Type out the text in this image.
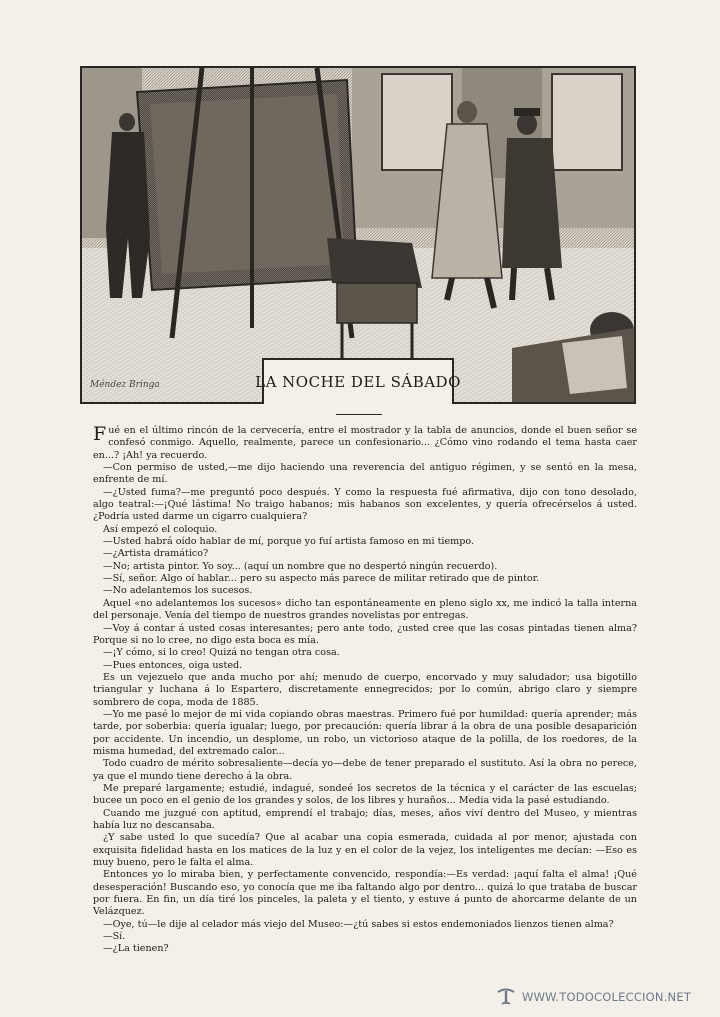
Méndez Bringa	LA NOCHE DEL SÁBADO

Fué en el último rincón de la cervecería, entre el mostrador y la tabla de anuncios, donde el buen señor se confesó conmigo. Aquello, realmente, parece un confesionario... ¿Cómo vino rodando el tema hasta caer en...? ¡Ah! ya recuerdo.

—Con permiso de usted,—me dijo haciendo una reverencia del antiguo régimen, y se sentó en la mesa, enfrente de mí.

—¿Usted fuma?—me preguntó poco después. Y como la respuesta fué afirmativa, dijo con tono desolado, algo teatral:—¡Qué lástima! No traigo habanos; mis habanos son excelentes, y quería ofrecérselos á usted. ¿Podría usted darme un cigarro cualquiera?

Así empezó el coloquio.

—Usted habrá oído hablar de mí, porque yo fuí artista famoso en mi tiempo.

—¿Artista dramático?

—No; artista pintor. Yo soy... (aquí un nombre que no despertó ningún recuerdo).

—Sí, señor. Algo oí hablar... pero su aspecto más parece de militar retirado que de pintor.

—No adelantemos los sucesos.

Aquel «no adelantemos los sucesos» dicho tan espontáneamente en pleno siglo xx, me indicó la talla interna del personaje. Venía del tiempo de nuestros grandes novelistas por entregas.

—Voy á contar á usted cosas interesantes; pero ante todo, ¿usted cree que las cosas pintadas tienen alma? Porque si no lo cree, no digo esta boca es mía.

—¡Y cómo, si lo creo! Quizá no tengan otra cosa.

—Pues entonces, oiga usted.

Es un vejezuelo que anda mucho por ahí; menudo de cuerpo, encorvado y muy saludador; usa bigotillo triangular y luchana á lo Espartero, discretamente ennegrecidos; por lo común, abrigo claro y siempre sombrero de copa, moda de 1885.

—Yo me pasé lo mejor de mi vida copiando obras maestras. Primero fué por humildad: quería aprender; más tarde, por soberbia: quería igualar; luego, por precaución: quería librar á la obra de una posible desaparición por accidente. Un incendio, un desplome, un robo, un victorioso ataque de la polilla, de los roedores, de la misma humedad, del extremado calor...

Todo cuadro de mérito sobresaliente—decía yo—debe de tener preparado el sustituto. Así la obra no perece, ya que el mundo tiene derecho á la obra.

Me preparé largamente; estudié, indagué, sondeé los secretos de la técnica y el carácter de las escuelas; bucee un poco en el genio de los grandes y solos, de los libres y huraños... Media vida la pasé estudiando.

Cuando me juzgué con aptitud, emprendí el trabajo; días, meses, años viví dentro del Museo, y mientras había luz no descansaba.

¿Y sabe usted lo que sucedía? Que al acabar una copia esmerada, cuidada al por menor, ajustada con exquisita fidelidad hasta en los matices de la luz y en el color de la vejez, los inteligentes me decían: —Eso es muy bueno, pero le falta el alma.

Entonces yo lo miraba bien, y perfectamente convencido, respondía:—Es verdad: ¡aquí falta el alma! ¡Qué desesperación! Buscando eso, yo conocía que me iba faltando algo por dentro... quizá lo que trataba de buscar por fuera. En fin, un día tiré los pinceles, la paleta y el tiento, y estuve á punto de ahorcarme delante de un Velázquez.

—Oye, tú—le dije al celador más viejo del Museo:—¿tú sabes si estos endemoniados lienzos tienen alma?

—Sí.

—¿La tienen?

WWW.TODOCOLECCION.NET
